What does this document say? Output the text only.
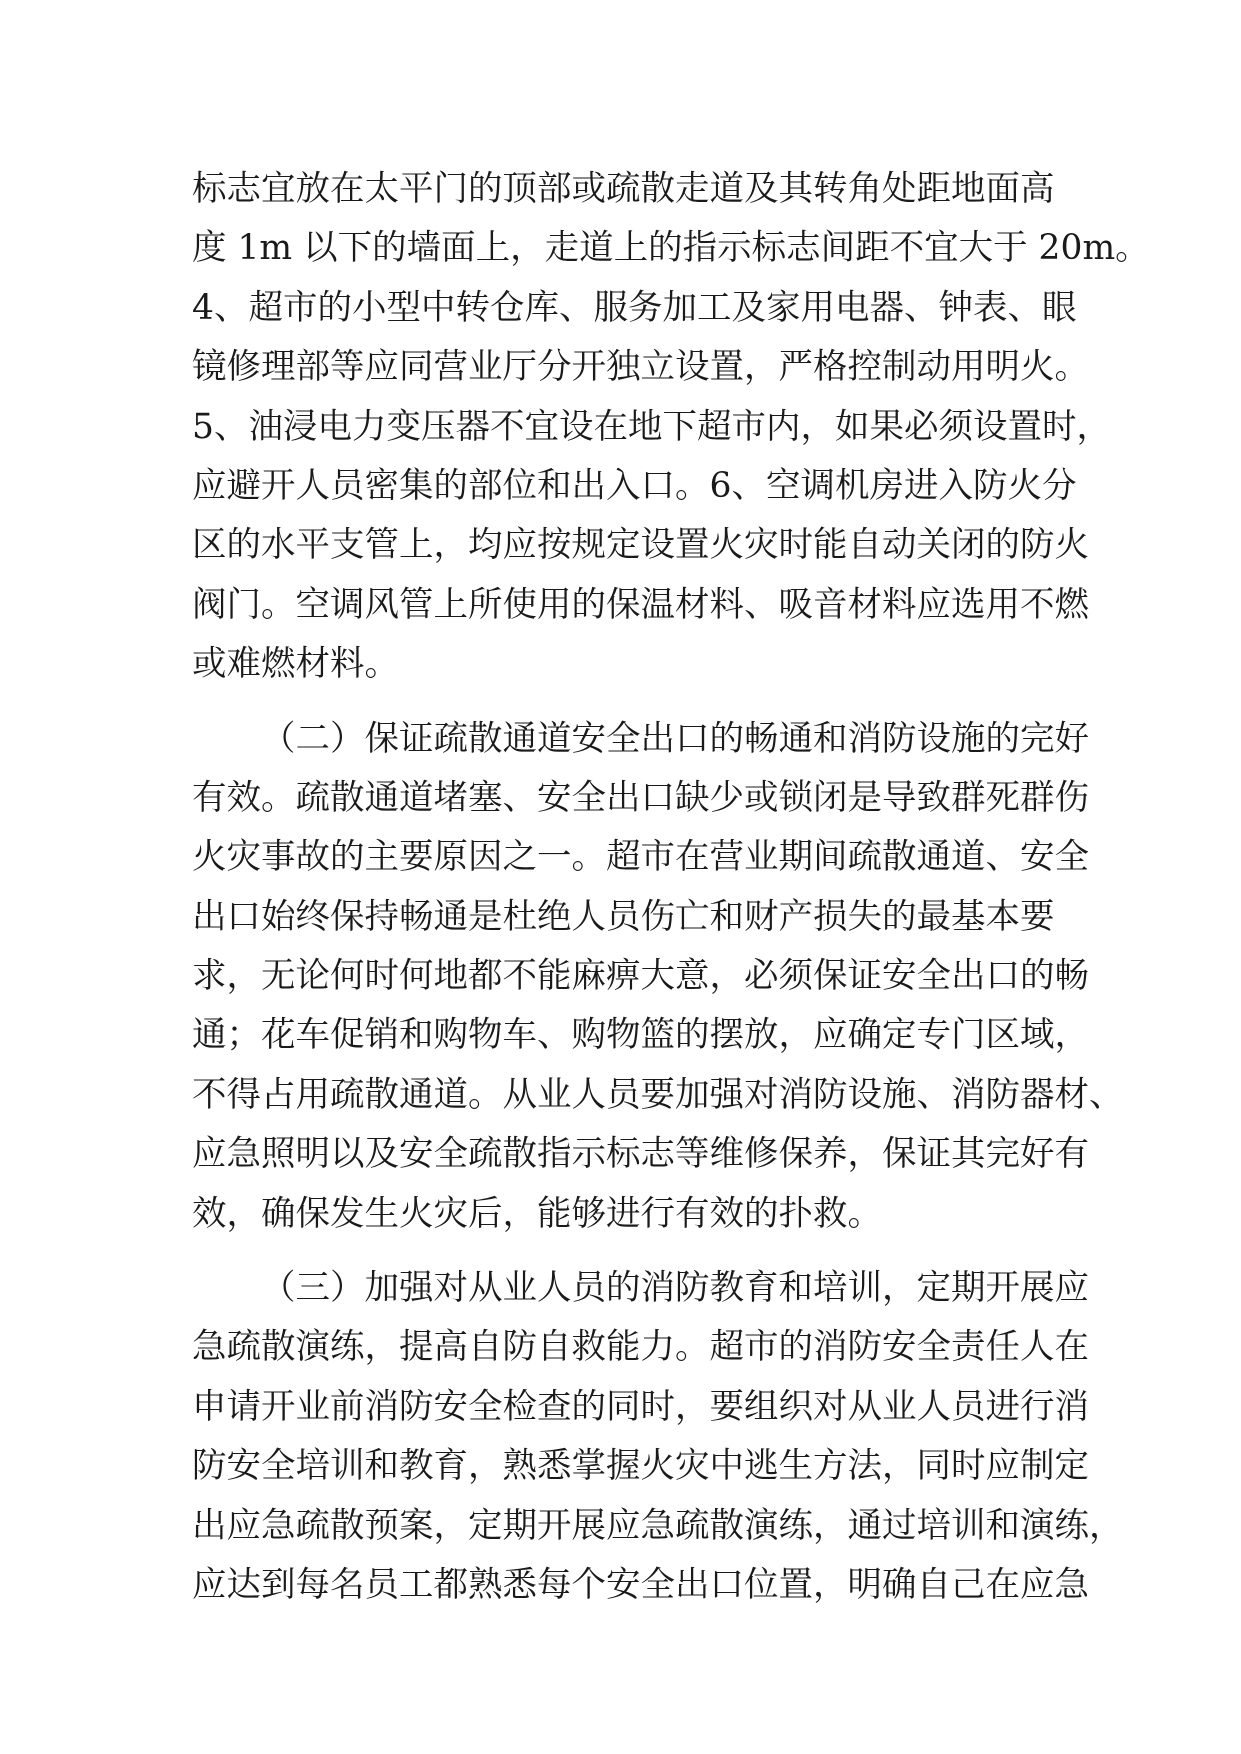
标志宜放在太平门的顶部或疏散走道及其转角处距地面高
度 1m 以下的墙面上，走道上的指示标志间距不宜大于 20m。
4、超市的小型中转仓库、服务加工及家用电器、钟表、眼
镜修理部等应同营业厅分开独立设置，严格控制动用明火。
5、油浸电力变压器不宜设在地下超市内，如果必须设置时，
应避开人员密集的部位和出入口。6、空调机房进入防火分
区的水平支管上，均应按规定设置火灾时能自动关闭的防火
阀门。空调风管上所使用的保温材料、吸音材料应选用不燃
或难燃材料。
（二）保证疏散通道安全出口的畅通和消防设施的完好
有效。疏散通道堵塞、安全出口缺少或锁闭是导致群死群伤
火灾事故的主要原因之一。超市在营业期间疏散通道、安全
出口始终保持畅通是杜绝人员伤亡和财产损失的最基本要
求，无论何时何地都不能麻痹大意，必须保证安全出口的畅
通；花车促销和购物车、购物篮的摆放，应确定专门区域，
不得占用疏散通道。从业人员要加强对消防设施、消防器材、
应急照明以及安全疏散指示标志等维修保养，保证其完好有
效，确保发生火灾后，能够进行有效的扑救。
（三）加强对从业人员的消防教育和培训，定期开展应
急疏散演练，提高自防自救能力。超市的消防安全责任人在
申请开业前消防安全检查的同时，要组织对从业人员进行消
防安全培训和教育，熟悉掌握火灾中逃生方法，同时应制定
出应急疏散预案，定期开展应急疏散演练，通过培训和演练，
应达到每名员工都熟悉每个安全出口位置，明确自己在应急
